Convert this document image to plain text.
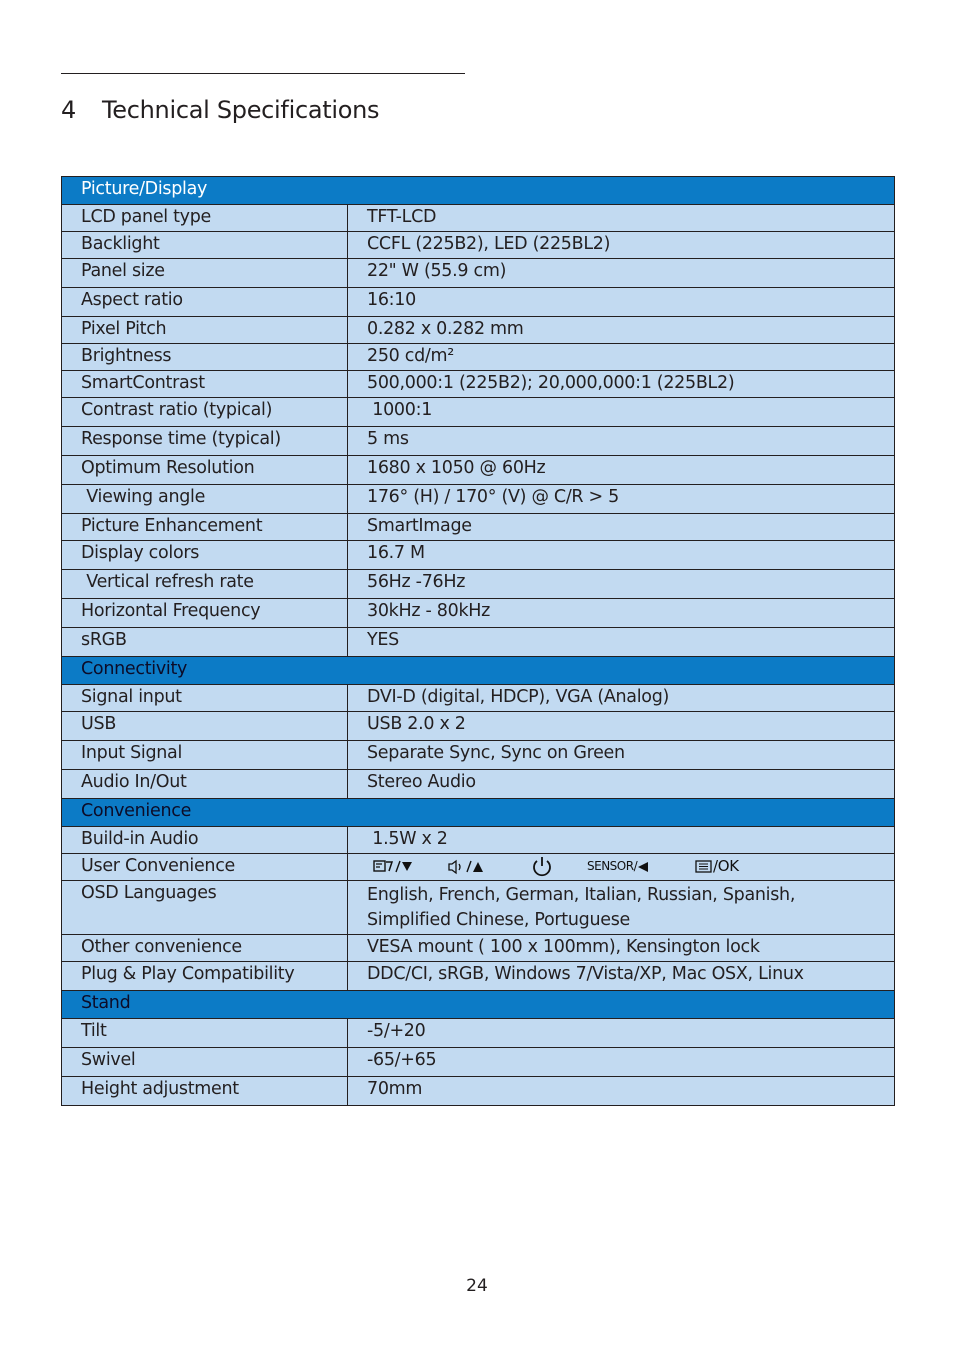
4 Technical Specifications
Picture/Display	
LCD panel type	TFT-LCD
Backlight	CCFL (225B2), LED (225BL2)
Panel size	22" W (55.9 cm)
Aspect ratio	16:10
Pixel Pitch	0.282 x 0.282 mm
Brightness	250 cd/m²
SmartContrast	500,000:1 (225B2); 20,000,000:1 (225BL2)
Contrast ratio (typical)	1000:1
Response time (typical)	5 ms
Optimum Resolution	1680 x 1050 @ 60Hz
Viewing angle	176° (H) / 170° (V) @ C/R > 5
Picture Enhancement	SmartImage
Display colors	16.7 M
Vertical refresh rate	56Hz -76Hz
Horizontal Frequency	30kHz - 80kHz
sRGB	YES
Connectivity	
Signal input	DVI-D (digital, HDCP), VGA (Analog)
USB	USB 2.0 x 2
Input Signal	Separate Sync, Sync on Green
Audio In/Out	Stereo Audio
Convenience	
Build-in Audio	1.5W x 2
User Convenience	SENSOR/ /OK

OSD Languages	English, French, German, Italian, Russian, Spanish,
Simplified Chinese, Portuguese

Other convenience	VESA mount ( 100 x 100mm), Kensington lock
Plug & Play Compatibility	DDC/CI, sRGB, Windows 7/Vista/XP, Mac OSX, Linux
Stand	
Tilt	-5/+20
Swivel	-65/+65
Height adjustment	70mm
24
